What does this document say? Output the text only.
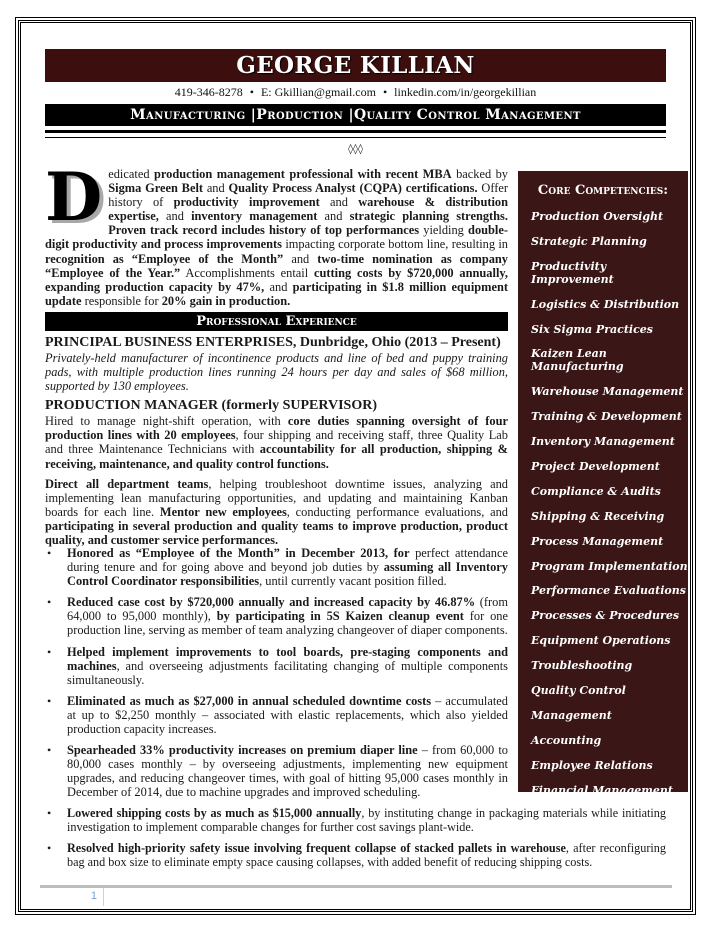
GEORGE KILLIAN
419-346-8278 • E: Gkillian@gmail.com • linkedin.com/in/georgekillian
Manufacturing |Production |Quality Control Management
◊◊◊
D edicated production management professional with recent MBA backed by Sigma Green Belt and Quality Process Analyst (CQPA) certifications. Offer history of productivity improvement and warehouse & distribution expertise, and inventory management and strategic planning strengths. Proven track record includes history of top performances yielding double-digit productivity and process improvements impacting corporate bottom line, resulting in recognition as “Employee of the Month” and two-time nomination as company “Employee of the Year.” Accomplishments entail cutting costs by $720,000 annually, expanding production capacity by 47%, and participating in $1.8 million equipment update responsible for 20% gain in production.
Professional Experience
PRINCIPAL BUSINESS ENTERPRISES, Dunbridge, Ohio (2013 – Present)
Privately-held manufacturer of incontinence products and line of bed and puppy training pads, with multiple production lines running 24 hours per day and sales of $68 million, supported by 130 employees.
PRODUCTION MANAGER (formerly SUPERVISOR)
Hired to manage night-shift operation, with core duties spanning oversight of four production lines with 20 employees, four shipping and receiving staff, three Quality Lab and three Maintenance Technicians with accountability for all production, shipping & receiving, maintenance, and quality control functions.
Direct all department teams, helping troubleshoot downtime issues, analyzing and implementing lean manufacturing opportunities, and updating and maintaining Kanban boards for each line. Mentor new employees, conducting performance evaluations, and participating in several production and quality teams to improve production, product quality, and customer service performances.
• Honored as “Employee of the Month” in December 2013, for perfect attendance during tenure and for going above and beyond job duties by assuming all Inventory Control Coordinator responsibilities, until currently vacant position filled.
• Reduced case cost by $720,000 annually and increased capacity by 46.87% (from 64,000 to 95,000 monthly), by participating in 5S Kaizen cleanup event for one production line, serving as member of team analyzing changeover of diaper components.
• Helped implement improvements to tool boards, pre-staging components and machines, and overseeing adjustments facilitating changing of multiple components simultaneously.
• Eliminated as much as $27,000 in annual scheduled downtime costs – accumulated at up to $2,250 monthly – associated with elastic replacements, which also yielded production capacity increases.
• Spearheaded 33% productivity increases on premium diaper line – from 60,000 to 80,000 cases monthly – by overseeing adjustments, implementing new equipment upgrades, and reducing changeover times, with goal of hitting 95,000 cases monthly in December of 2014, due to machine upgrades and improved scheduling.
• Lowered shipping costs by as much as $15,000 annually, by instituting change in packaging materials while initiating investigation to implement comparable changes for further cost savings plant-wide.
• Resolved high-priority safety issue involving frequent collapse of stacked pallets in warehouse, after reconfiguring bag and box size to eliminate empty space causing collapses, with added benefit of reducing shipping costs.
Core Competencies:
Production Oversight
Strategic Planning
Productivity Improvement
Logistics & Distribution
Six Sigma Practices
Kaizen Lean Manufacturing
Warehouse Management
Training & Development
Inventory Management
Project Development
Compliance & Audits
Shipping & Receiving
Process Management
Program Implementation
Performance Evaluations
Processes & Procedures
Equipment Operations
Troubleshooting
Quality Control
Management
Accounting
Employee Relations
Financial Management
1
